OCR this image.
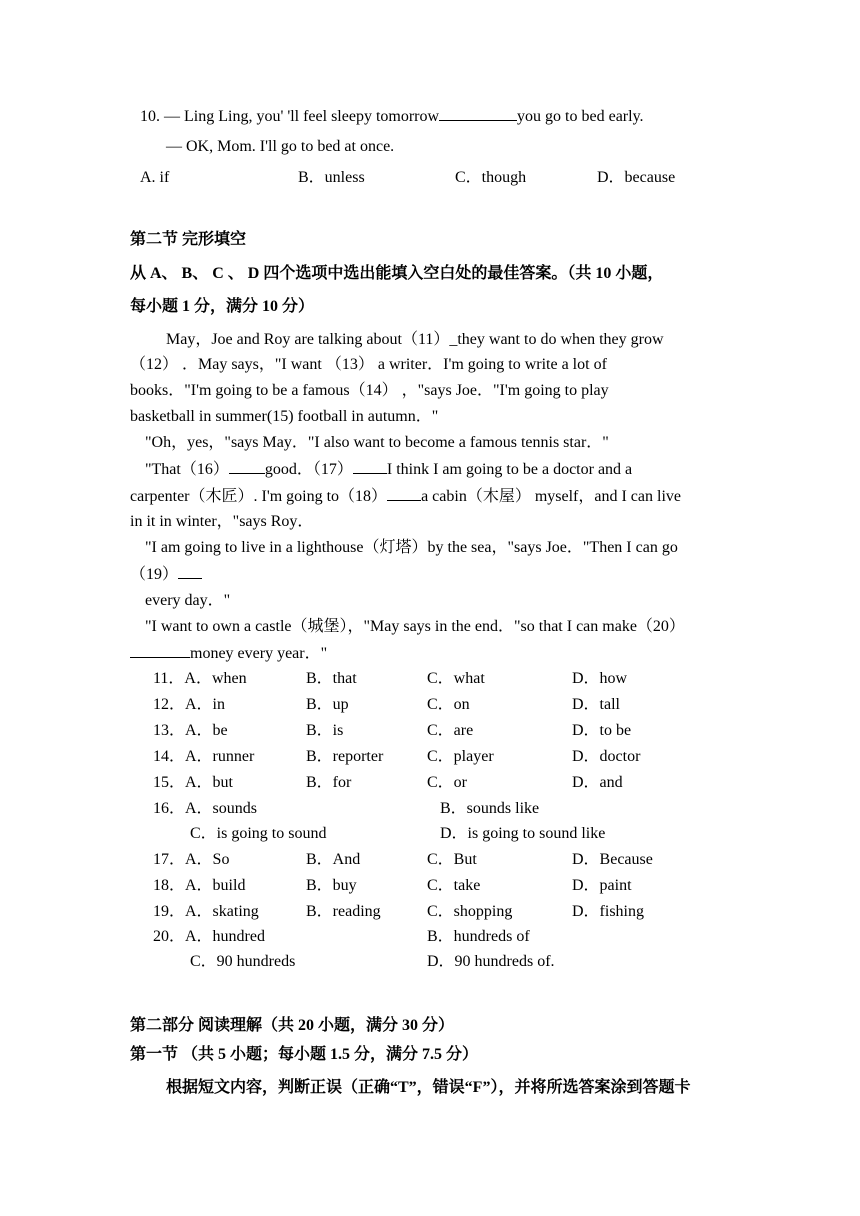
10. — Ling Ling, you' 'll feel sleepy tomorrow	you go to bed early.
— OK, Mom. I'll go to bed at once.
A. if	B．unless	C．though	D．because
第二节 完形填空
从 A、 B、 C 、 D 四个选项中选出能填入空白处的最佳答案。（共 10 小题，
每小题 1 分，满分 10 分）
May，Joe and Roy are talking about（11）_they want to do when they grow
（12） ．May says，"I want （13） a writer．I'm going to write a lot of
books．"I'm going to be a famous（14） ，"says Joe．"I'm going to play
basketball in summer(15) football in autumn．"
"Oh，yes，"says May．"I also want to become a famous tennis star．"
"That（16） good．（17） I think I am going to be a doctor and a
carpenter（木匠）. I'm going to（18） a cabin（木屋） myself，and I can live
in it in winter，"says Roy．
"I am going to live in a lighthouse（灯塔）by the sea，"says Joe．"Then I can go
（19）
every day．"
"I want to own a castle（城堡），"May says in the end．"so that I can make（20）
money every year．"
11．A．when	B．that	C．what	D．how
12．A．in	B．up	C．on	D．tall
13．A．be	B．is	C．are	D．to be
14．A．runner	B．reporter	C．player	D．doctor
15．A．but	B．for	C．or	D．and
16．A．sounds	B．sounds like
C．is going to sound	D．is going to sound like
17．A．So	B．And	C．But	D．Because
18．A．build	B．buy	C．take	D．paint
19．A．skating	B．reading	C．shopping	D．fishing
20．A．hundred	B．hundreds of
C．90 hundreds	D．90 hundreds of.
第二部分 阅读理解（共 20 小题，满分 30 分）
第一节 （共 5 小题；每小题 1.5 分，满分 7.5 分）
根据短文内容，判断正误（正确“T”，错误“F”），并将所选答案涂到答题卡
